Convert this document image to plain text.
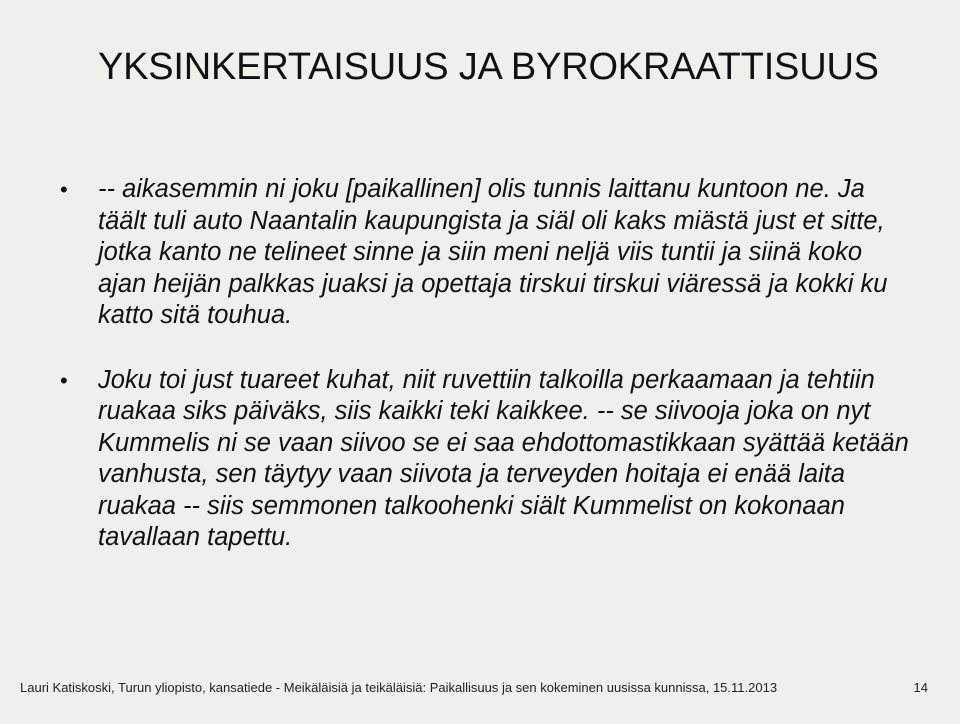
YKSINKERTAISUUS JA BYROKRAATTISUUS
• -- aikasemmin ni joku [paikallinen] olis tunnis laittanu kuntoon ne. Ja täält tuli auto Naantalin kaupungista ja siäl oli kaks miästä just et sitte, jotka kanto ne telineet sinne ja siin meni neljä viis tuntii ja siinä koko ajan heijän palkkas juaksi ja opettaja tirskui tirskui viäressä ja kokki ku katto sitä touhua.
• Joku toi just tuareet kuhat, niit ruvettiin talkoilla perkaamaan ja tehtiin ruakaa siks päiväks, siis kaikki teki kaikkee. -- se siivooja joka on nyt Kummelis ni se vaan siivoo se ei saa ehdottomastikkaan syättää ketään vanhusta, sen täytyy vaan siivota ja terveyden hoitaja ei enää laita ruakaa -- siis semmonen talkoohenki siält Kummelist on kokonaan tavallaan tapettu.
Lauri Katiskoski, Turun yliopisto, kansatiede - Meikäläisiä ja teikäläisiä: Paikallisuus ja sen kokeminen uusissa kunnissa, 15.11.2013	14
